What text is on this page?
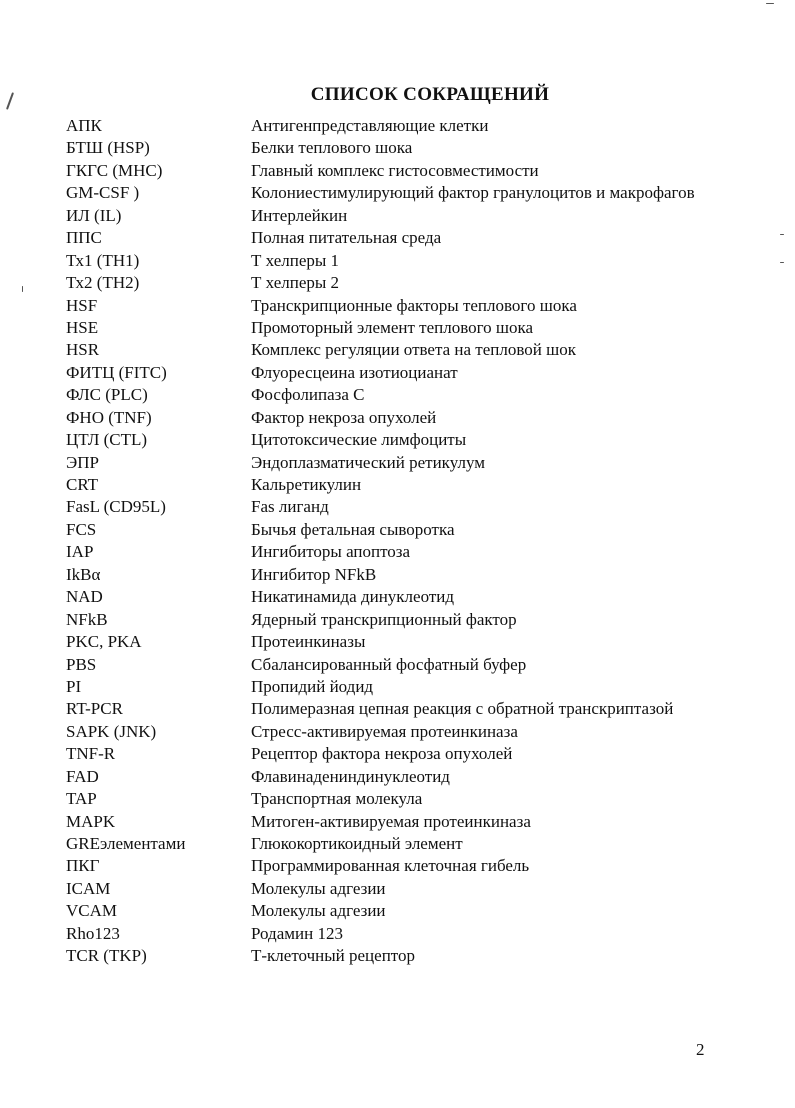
СПИСОК СОКРАЩЕНИЙ
АПК	Антигенпредставляющие клетки
БТШ (HSP)	Белки теплового шока
ГКГС (MHC)	Главный комплекс гистосовместимости
GM-CSF )	Колониестимулирующий фактор гранулоцитов и макрофагов
ИЛ (IL)	Интерлейкин
ППС	Полная питательная среда
Тх1 (TH1)	Т хелперы 1
Тх2 (TH2)	Т хелперы 2
HSF	Транскрипционные факторы теплового шока
HSE	Промоторный элемент теплового шока
HSR	Комплекс регуляции ответа на тепловой шок
ФИТЦ (FITC)	Флуоресцеина изотиоцианат
ФЛС (PLC)	Фосфолипаза С
ФНО (TNF)	Фактор некроза опухолей
ЦТЛ (CTL)	Цитотоксические лимфоциты
ЭПР	Эндоплазматический ретикулум
CRT	Кальретикулин
FasL (CD95L)	Fas лиганд
FCS	Бычья фетальная сыворотка
IAP	Ингибиторы апоптоза
IkBα	Ингибитор NFkB
NAD	Никатинамида динуклеотид
NFkB	Ядерный транскрипционный фактор
PKC, PKA	Протеинкиназы
PBS	Сбалансированный фосфатный буфер
PI	Пропидий йодид
RT-PCR	Полимеразная цепная реакция с обратной транскриптазой
SAPK (JNK)	Стресс-активируемая протеинкиназа
TNF-R	Рецептор фактора некроза опухолей
FAD	Флавинадениндинуклеотид
TAP	Транспортная молекула
MAPK	Митоген-активируемая протеинкиназа
GREэлементами	Глюкокортикоидный элемент
ПКГ	Программированная клеточная гибель
ICAM	Молекулы адгезии
VCAM	Молекулы адгезии
Rho123	Родамин 123
TCR (TKP)	Т-клеточный рецептор
2
